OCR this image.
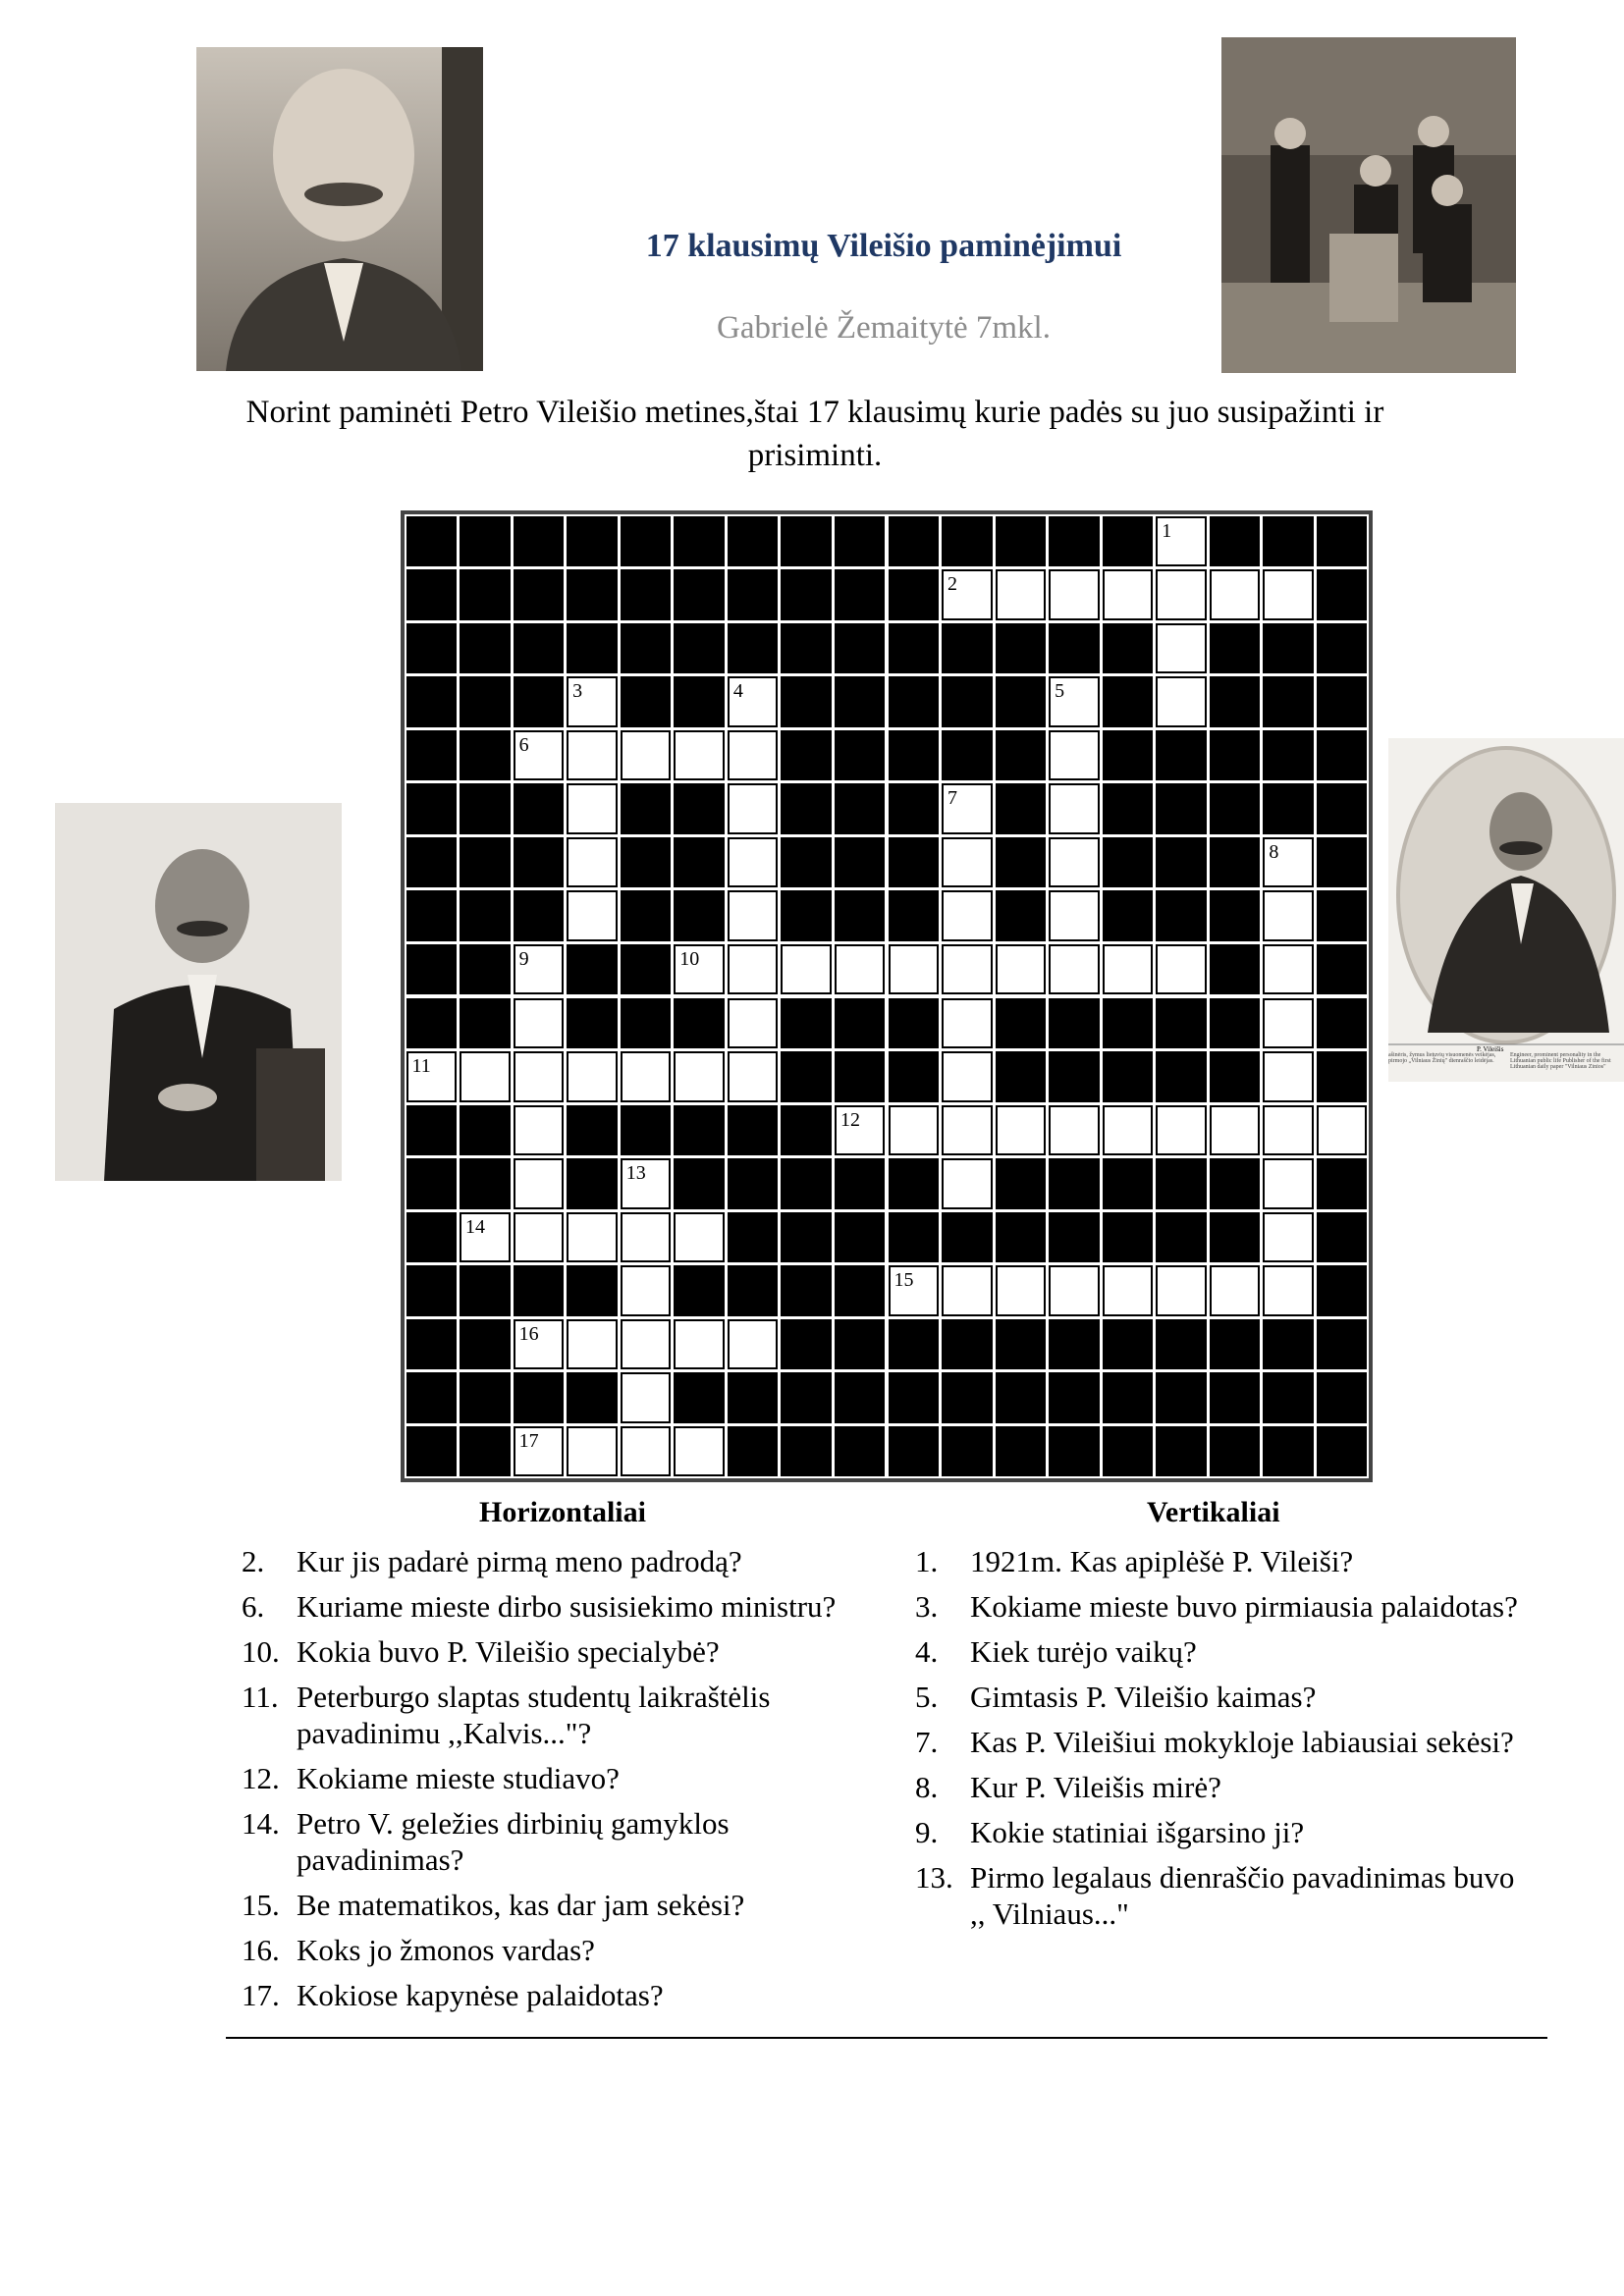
P. Vileišis
ašinėris, žymus lietuvių visuomenės veikėjas, pirmojo „Vilniaus Žinių" dienraščio leidėjas.
Engineer, prominent personality in the Lithuanian public life Publisher of the first Lithuanian daily paper "Vilniaus Zinios"
17 klausimų Vileišio paminėjimui
Gabrielė Žemaitytė 7mkl.
Norint paminėti Petro Vileišio metines,štai 17 klausimų kurie padės su juo susipažinti ir prisiminti.
1
2
3	4	5
6
7
8
9	10
11
12
13
14
15
16
17
Horizontaliai	Vertikaliai
2. Kur jis padarė pirmą meno padrodą?
6. Kuriame mieste dirbo susisiekimo ministru?
10. Kokia buvo P. Vileišio specialybė?
11. Peterburgo slaptas studentų laikraštėlis pavadinimu ,,Kalvis..."?
12. Kokiame mieste studiavo?
14. Petro V. geležies dirbinių gamyklos pavadinimas?
15. Be matematikos, kas dar jam sekėsi?
16. Koks jo žmonos vardas?
17. Kokiose kapynėse palaidotas?
1. 1921m. Kas apiplėšė P. Vileiši?
3. Kokiame mieste buvo pirmiausia palaidotas?
4. Kiek turėjo vaikų?
5. Gimtasis P. Vileišio kaimas?
7. Kas P. Vileišiui mokykloje labiausiai sekėsi?
8. Kur P. Vileišis mirė?
9. Kokie statiniai išgarsino ji?
13. Pirmo legalaus dienraščio pavadinimas buvo ,, Vilniaus..."
